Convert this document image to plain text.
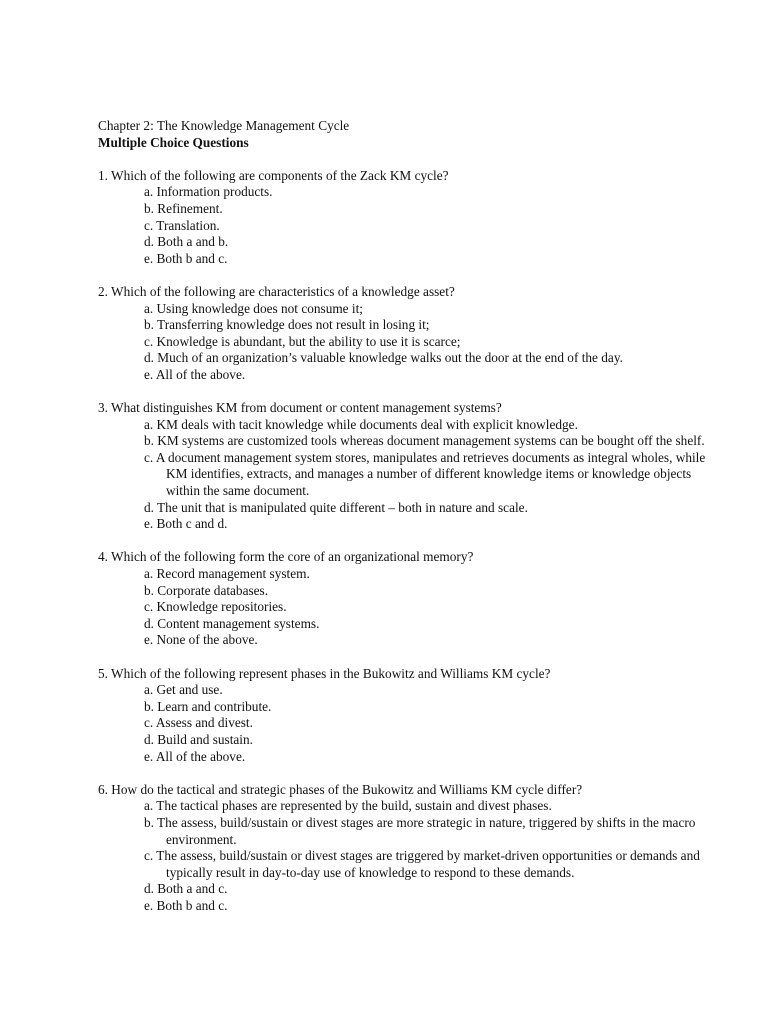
Chapter 2: The Knowledge Management Cycle
Multiple Choice Questions
1. Which of the following are components of the Zack KM cycle?
a. Information products.
b. Refinement.
c. Translation.
d. Both a and b.
e. Both b and c.
2. Which of the following are characteristics of a knowledge asset?
a. Using knowledge does not consume it;
b. Transferring knowledge does not result in losing it;
c. Knowledge is abundant, but the ability to use it is scarce;
d. Much of an organization’s valuable knowledge walks out the door at the end of the day.
e. All of the above.
3. What distinguishes KM from document or content management systems?
a. KM deals with tacit knowledge while documents deal with explicit knowledge.
b. KM systems are customized tools whereas document management systems can be bought off the shelf.
c. A document management system stores, manipulates and retrieves documents as integral wholes, while KM identifies, extracts, and manages a number of different knowledge items or knowledge objects within the same document.
d. The unit that is manipulated quite different – both in nature and scale.
e. Both c and d.
4. Which of the following form the core of an organizational memory?
a. Record management system.
b. Corporate databases.
c. Knowledge repositories.
d. Content management systems.
e. None of the above.
5. Which of the following represent phases in the Bukowitz and Williams KM cycle?
a. Get and use.
b. Learn and contribute.
c. Assess and divest.
d. Build and sustain.
e. All of the above.
6. How do the tactical and strategic phases of the Bukowitz and Williams KM cycle differ?
a. The tactical phases are represented by the build, sustain and divest phases.
b. The assess, build/sustain or divest stages are more strategic in nature, triggered by shifts in the macro environment.
c. The assess, build/sustain or divest stages are triggered by market-driven opportunities or demands and typically result in day-to-day use of knowledge to respond to these demands.
d. Both a and c.
e. Both b and c.
